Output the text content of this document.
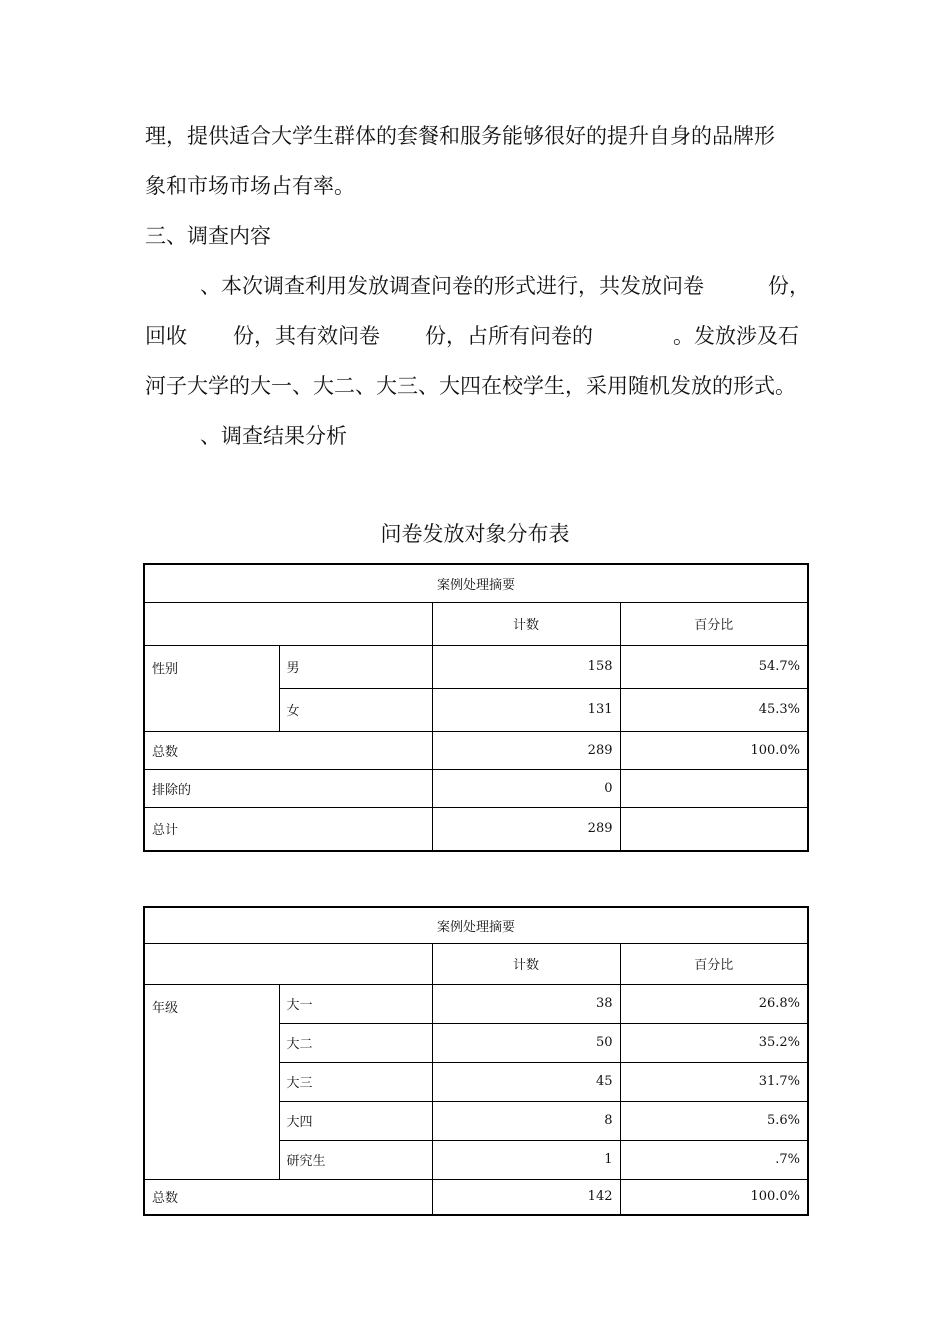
理，提供适合大学生群体的套餐和服务能够很好的提升自身的品牌形
象和市场市场占有率。
三、调查内容
、本次调查利用发放调查问卷的形式进行，共发放问卷	份，
回收 份，其有效问卷 份，占所有问卷的	。发放涉及石
河子大学的大一、大二、大三、大四在校学生，采用随机发放的形式。
、调查结果分析
问卷发放对象分布表
案例处理摘要			
		计数	百分比
性别	男	158	54.7%
	女	131	45.3%
总数		289	100.0%
排除的		0	
总计		289	
案例处理摘要			
		计数	百分比
年级	大一	38	26.8%
	大二	50	35.2%
	大三	45	31.7%
	大四	8	5.6%
	研究生	1	.7%
总数		142	100.0%
